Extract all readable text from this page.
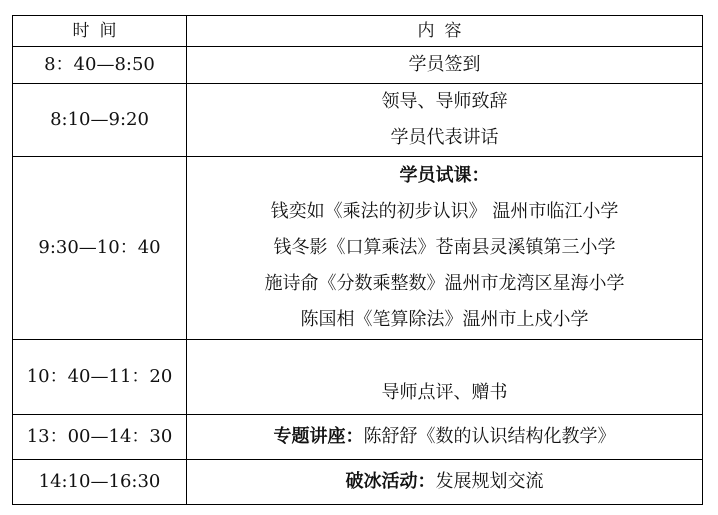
时间	内容
8：40—8:50	学员签到

8:10—9:20	领导、导师致辞
学员代表讲话

9:30—10：40	学员试课：
钱奕如《乘法的初步认识》 温州市临江小学
钱冬影《口算乘法》苍南县灵溪镇第三小学
施诗俞《分数乘整数》温州市龙湾区星海小学
陈国相《笔算除法》温州市上戍小学

10：40—11：20	导师点评、赠书

13：00—14：30	专题讲座：陈舒舒《数的认识结构化教学》
14:10—16:30	破冰活动：发展规划交流
